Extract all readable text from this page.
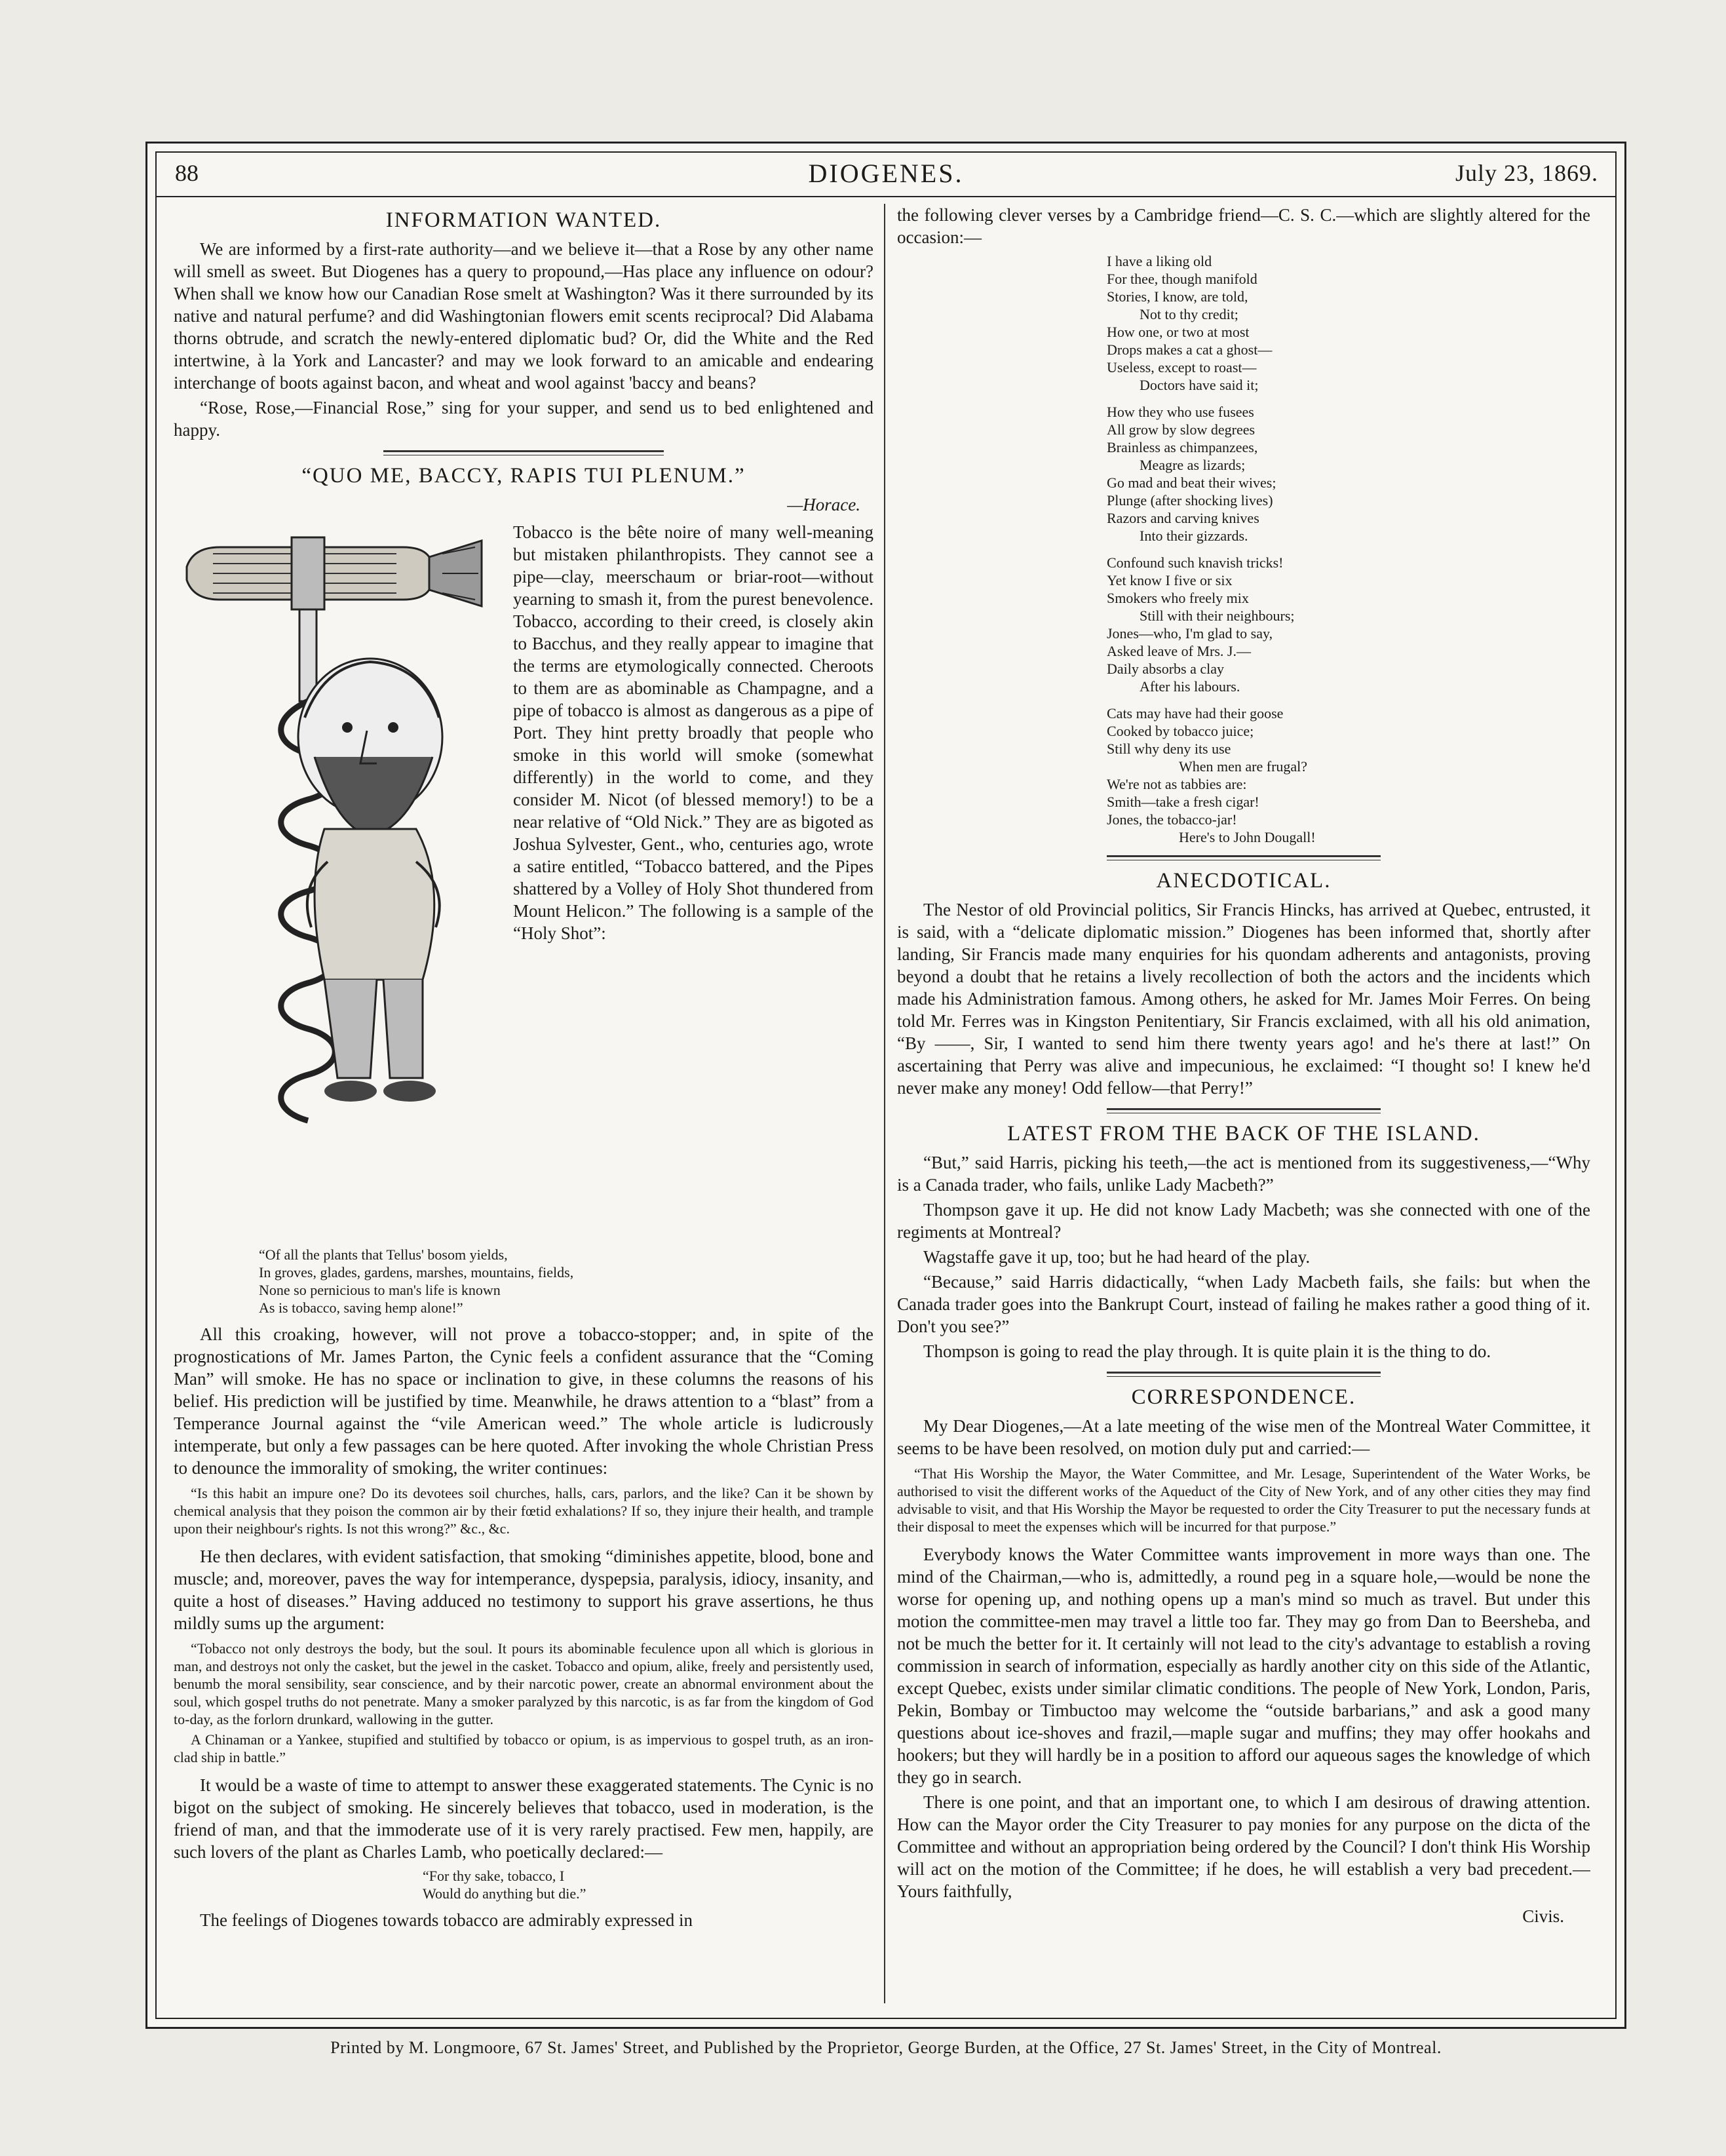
88	DIOGENES.	July 23, 1869.
INFORMATION WANTED.

We are informed by a first-rate authority—and we believe it—that a Rose by any other name will smell as sweet. But Diogenes has a query to propound,—Has place any influence on odour? When shall we know how our Canadian Rose smelt at Washington? Was it there surrounded by its native and natural perfume? and did Washingtonian flowers emit scents reciprocal? Did Alabama thorns obtrude, and scratch the newly-entered diplomatic bud? Or, did the White and the Red intertwine, à la York and Lancaster? and may we look forward to an amicable and endearing interchange of boots against bacon, and wheat and wool against 'baccy and beans?

“Rose, Rose,—Financial Rose,” sing for your supper, and send us to bed enlightened and happy.

“QUO ME, BACCY, RAPIS TUI PLENUM.”
—Horace.

Tobacco is the bête noire of many well-meaning but mistaken philanthropists. They cannot see a pipe—clay, meerschaum or briar-root—without yearning to smash it, from the purest benevolence. Tobacco, according to their creed, is closely akin to Bacchus, and they really appear to imagine that the terms are etymologically connected. Cheroots to them are as abominable as Champagne, and a pipe of tobacco is almost as dangerous as a pipe of Port. They hint pretty broadly that people who smoke in this world will smoke (somewhat differently) in the world to come, and they consider M. Nicot (of blessed memory!) to be a near relative of “Old Nick.” They are as bigoted as Joshua Sylvester, Gent., who, centuries ago, wrote a satire entitled, “Tobacco battered, and the Pipes shattered by a Volley of Holy Shot thundered from Mount Helicon.” The following is a sample of the “Holy Shot”:

“Of all the plants that Tellus' bosom yields,
In groves, glades, gardens, marshes, mountains, fields,
None so pernicious to man's life is known
As is tobacco, saving hemp alone!”

All this croaking, however, will not prove a tobacco-stopper; and, in spite of the prognostications of Mr. James Parton, the Cynic feels a confident assurance that the “Coming Man” will smoke. He has no space or inclination to give, in these columns the reasons of his belief. His prediction will be justified by time. Meanwhile, he draws attention to a “blast” from a Temperance Journal against the “vile American weed.” The whole article is ludicrously intemperate, but only a few passages can be here quoted. After invoking the whole Christian Press to denounce the immorality of smoking, the writer continues:

“Is this habit an impure one? Do its devotees soil churches, halls, cars, parlors, and the like? Can it be shown by chemical analysis that they poison the common air by their fœtid exhalations? If so, they injure their health, and trample upon their neighbour's rights. Is not this wrong?” &c., &c.

He then declares, with evident satisfaction, that smoking “diminishes appetite, blood, bone and muscle; and, moreover, paves the way for intemperance, dyspepsia, paralysis, idiocy, insanity, and quite a host of diseases.” Having adduced no testimony to support his grave assertions, he thus mildly sums up the argument:

“Tobacco not only destroys the body, but the soul. It pours its abominable feculence upon all which is glorious in man, and destroys not only the casket, but the jewel in the casket. Tobacco and opium, alike, freely and persistently used, benumb the moral sensibility, sear conscience, and by their narcotic power, create an abnormal environment about the soul, which gospel truths do not penetrate. Many a smoker paralyzed by this narcotic, is as far from the kingdom of God to-day, as the forlorn drunkard, wallowing in the gutter.

A Chinaman or a Yankee, stupified and stultified by tobacco or opium, is as impervious to gospel truth, as an iron-clad ship in battle.”

It would be a waste of time to attempt to answer these exaggerated statements. The Cynic is no bigot on the subject of smoking. He sincerely believes that tobacco, used in moderation, is the friend of man, and that the immoderate use of it is very rarely practised. Few men, happily, are such lovers of the plant as Charles Lamb, who poetically declared:—

“For thy sake, tobacco, I
Would do anything but die.”

The feelings of Diogenes towards tobacco are admirably expressed in

the following clever verses by a Cambridge friend—C. S. C.—which are slightly altered for the occasion:—

I have a liking old
For thee, though manifold
Stories, I know, are told,
Not to thy credit;
How one, or two at most
Drops makes a cat a ghost—
Useless, except to roast—
Doctors have said it;
How they who use fusees
All grow by slow degrees
Brainless as chimpanzees,
Meagre as lizards;
Go mad and beat their wives;
Plunge (after shocking lives)
Razors and carving knives
Into their gizzards.
Confound such knavish tricks!
Yet know I five or six
Smokers who freely mix
Still with their neighbours;
Jones—who, I'm glad to say,
Asked leave of Mrs. J.—
Daily absorbs a clay
After his labours.
Cats may have had their goose
Cooked by tobacco juice;
Still why deny its use
When men are frugal?
We're not as tabbies are:
Smith—take a fresh cigar!
Jones, the tobacco-jar!
Here's to John Dougall!
ANECDOTICAL.

The Nestor of old Provincial politics, Sir Francis Hincks, has arrived at Quebec, entrusted, it is said, with a “delicate diplomatic mission.” Diogenes has been informed that, shortly after landing, Sir Francis made many enquiries for his quondam adherents and antagonists, proving beyond a doubt that he retains a lively recollection of both the actors and the incidents which made his Administration famous. Among others, he asked for Mr. James Moir Ferres. On being told Mr. Ferres was in Kingston Penitentiary, Sir Francis exclaimed, with all his old animation, “By ——, Sir, I wanted to send him there twenty years ago! and he's there at last!” On ascertaining that Perry was alive and impecunious, he exclaimed: “I thought so! I knew he'd never make any money! Odd fellow—that Perry!”

LATEST FROM THE BACK OF THE ISLAND.

“But,” said Harris, picking his teeth,—the act is mentioned from its suggestiveness,—“Why is a Canada trader, who fails, unlike Lady Macbeth?”

Thompson gave it up. He did not know Lady Macbeth; was she connected with one of the regiments at Montreal?

Wagstaffe gave it up, too; but he had heard of the play.

“Because,” said Harris didactically, “when Lady Macbeth fails, she fails: but when the Canada trader goes into the Bankrupt Court, instead of failing he makes rather a good thing of it. Don't you see?”

Thompson is going to read the play through. It is quite plain it is the thing to do.

CORRESPONDENCE.

My Dear Diogenes,—At a late meeting of the wise men of the Montreal Water Committee, it seems to be have been resolved, on motion duly put and carried:—

“That His Worship the Mayor, the Water Committee, and Mr. Lesage, Superintendent of the Water Works, be authorised to visit the different works of the Aqueduct of the City of New York, and of any other cities they may find advisable to visit, and that His Worship the Mayor be requested to order the City Treasurer to put the necessary funds at their disposal to meet the expenses which will be incurred for that purpose.”

Everybody knows the Water Committee wants improvement in more ways than one. The mind of the Chairman,—who is, admittedly, a round peg in a square hole,—would be none the worse for opening up, and nothing opens up a man's mind so much as travel. But under this motion the committee-men may travel a little too far. They may go from Dan to Beersheba, and not be much the better for it. It certainly will not lead to the city's advantage to establish a roving commission in search of information, especially as hardly another city on this side of the Atlantic, except Quebec, exists under similar climatic conditions. The people of New York, London, Paris, Pekin, Bombay or Timbuctoo may welcome the “outside barbarians,” and ask a good many questions about ice-shoves and frazil,—maple sugar and muffins; they may offer hookahs and hookers; but they will hardly be in a position to afford our aqueous sages the knowledge of which they go in search.

There is one point, and that an important one, to which I am desirous of drawing attention. How can the Mayor order the City Treasurer to pay monies for any purpose on the dicta of the Committee and without an appropriation being ordered by the Council? I don't think His Worship will act on the motion of the Committee; if he does, he will establish a very bad precedent.—Yours faithfully,

Civis.
Printed by M. Longmoore, 67 St. James' Street, and Published by the Proprietor, George Burden, at the Office, 27 St. James' Street, in the City of Montreal.
